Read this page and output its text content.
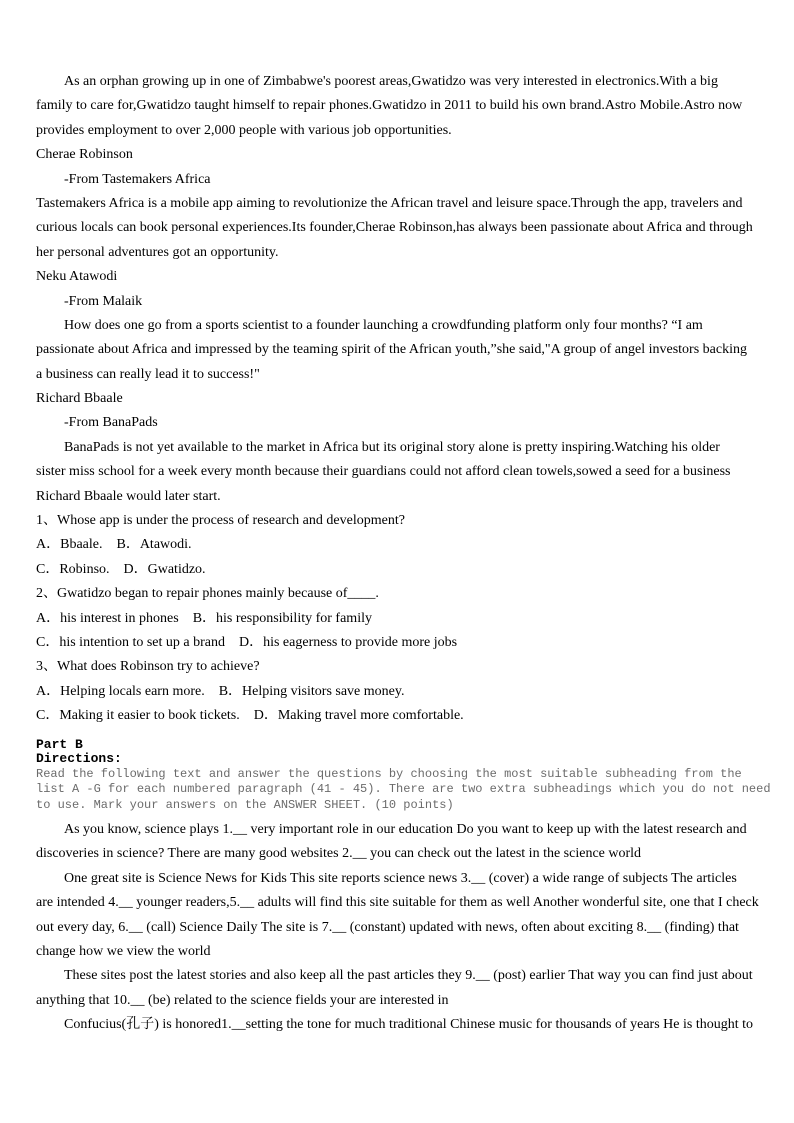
As an orphan growing up in one of Zimbabwe's poorest areas,Gwatidzo was very interested in electronics.With a big

family to care for,Gwatidzo taught himself to repair phones.Gwatidzo in 2011 to build his own brand.Astro Mobile.Astro now

provides employment to over 2,000 people with various job opportunities.

Cherae Robinson

-From Tastemakers Africa

Tastemakers Africa is a mobile app aiming to revolutionize the African travel and leisure space.Through the app, travelers and

curious locals can book personal experiences.Its founder,Cherae Robinson,has always been passionate about Africa and through

her personal adventures got an opportunity.

Neku Atawodi

-From Malaik

How does one go from a sports scientist to a founder launching a crowdfunding platform only four months? “I am

passionate about Africa and impressed by the teaming spirit of the African youth,”she said,"A group of angel investors backing

a business can really lead it to success!"

Richard Bbaale

-From BanaPads

BanaPads is not yet available to the market in Africa but its original story alone is pretty inspiring.Watching his older

sister miss school for a week every month because their guardians could not afford clean towels,sowed a seed for a business

Richard Bbaale would later start.

1、Whose app is under the process of research and development?

A．Bbaale.    B．Atawodi.

C．Robinso.    D．Gwatidzo.

2、Gwatidzo began to repair phones mainly because of____.

A．his interest in phones    B．his responsibility for family

C．his intention to set up a brand    D．his eagerness to provide more jobs

3、What does Robinson try to achieve?

A．Helping locals earn more.    B．Helping visitors save money.

C．Making it easier to book tickets.    D．Making travel more comfortable.

Part B

Directions:

Read the following text and answer the questions by choosing the most suitable subheading from the

list A -G for each numbered paragraph (41 - 45). There are two extra subheadings which you do not need

to use. Mark your answers on the ANSWER SHEET. (10 points)

As you know, science plays 1.__ very important role in our education Do you want to keep up with the latest research and

discoveries in science? There are many good websites 2.__ you can check out the latest in the science world

One great site is Science News for Kids This site reports science news 3.__ (cover) a wide range of subjects The articles

are intended 4.__ younger readers,5.__ adults will find this site suitable for them as well Another wonderful site, one that I check

out every day, 6.__ (call) Science Daily The site is 7.__ (constant) updated with news, often about exciting 8.__ (finding) that

change how we view the world

These sites post the latest stories and also keep all the past articles they 9.__ (post) earlier That way you can find just about

anything that 10.__ (be) related to the science fields your are interested in

Confucius(孔子) is honored1.__setting the tone for much traditional Chinese music for thousands of years He is thought to
